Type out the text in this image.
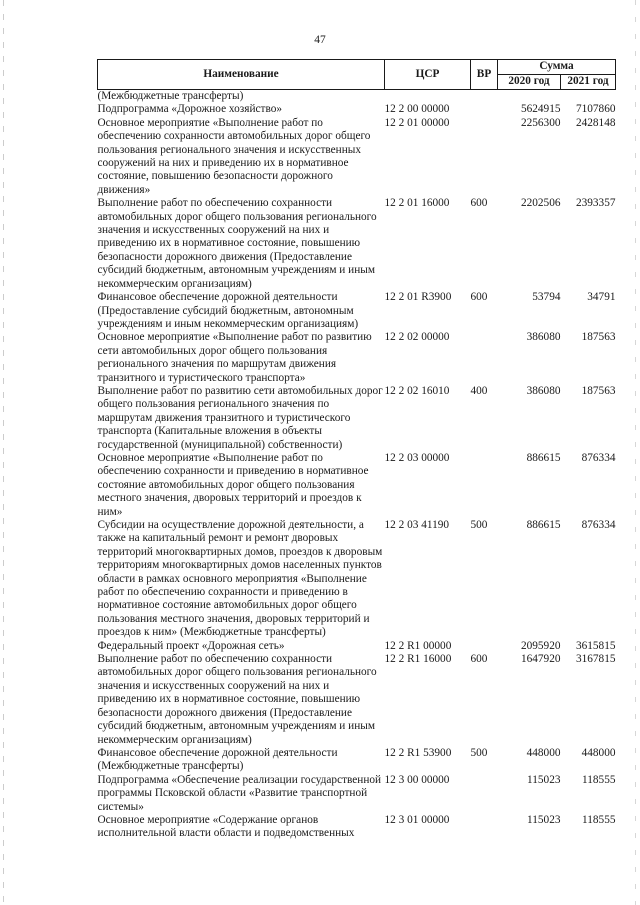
47
Наименование	ЦСР	ВР	Сумма	
			2020 год	2021 год
(Межбюджетные трансферты)				
Подпрограмма «Дорожное хозяйство»	12 2 00 00000		5624915	7107860
Основное мероприятие «Выполнение работ по обеспечению сохранности автомобильных дорог общего пользования регионального значения и искусственных сооружений на них и приведению их в нормативное состояние, повышению безопасности дорожного движения»	12 2 01 00000		2256300	2428148
Выполнение работ по обеспечению сохранности автомобильных дорог общего пользования регионального значения и искусственных сооружений на них и приведению их в нормативное состояние, повышению безопасности дорожного движения (Предоставление субсидий бюджетным, автономным учреждениям и иным некоммерческим организациям)	12 2 01 16000	600	2202506	2393357
Финансовое обеспечение дорожной деятельности (Предоставление субсидий бюджетным, автономным учреждениям и иным некоммерческим организациям)	12 2 01 R3900	600	53794	34791
Основное мероприятие «Выполнение работ по развитию сети автомобильных дорог общего пользования регионального значения по маршрутам движения транзитного и туристического транспорта»	12 2 02 00000		386080	187563
Выполнение работ по развитию сети автомобильных дорог общего пользования регионального значения по маршрутам движения транзитного и туристического транспорта (Капитальные вложения в объекты государственной (муниципальной) собственности)	12 2 02 16010	400	386080	187563
Основное мероприятие «Выполнение работ по обеспечению сохранности и приведению в нормативное состояние автомобильных дорог общего пользования местного значения, дворовых территорий и проездов к ним»	12 2 03 00000		886615	876334
Субсидии на осуществление дорожной деятельности, а также на капитальный ремонт и ремонт дворовых территорий многоквартирных домов, проездов к дворовым территориям многоквартирных домов населенных пунктов области в рамках основного мероприятия «Выполнение работ по обеспечению сохранности и приведению в нормативное состояние автомобильных дорог общего пользования местного значения, дворовых территорий и проездов к ним» (Межбюджетные трансферты)	12 2 03 41190	500	886615	876334
Федеральный проект «Дорожная сеть»	12 2 R1 00000		2095920	3615815
Выполнение работ по обеспечению сохранности автомобильных дорог общего пользования регионального значения и искусственных сооружений на них и приведению их в нормативное состояние, повышению безопасности дорожного движения (Предоставление субсидий бюджетным, автономным учреждениям и иным некоммерческим организациям)	12 2 R1 16000	600	1647920	3167815
Финансовое обеспечение дорожной деятельности (Межбюджетные трансферты)	12 2 R1 53900	500	448000	448000
Подпрограмма «Обеспечение реализации государственной программы Псковской области «Развитие транспортной системы»	12 3 00 00000		115023	118555
Основное мероприятие «Содержание органов исполнительной власти области и подведомственных	12 3 01 00000		115023	118555
